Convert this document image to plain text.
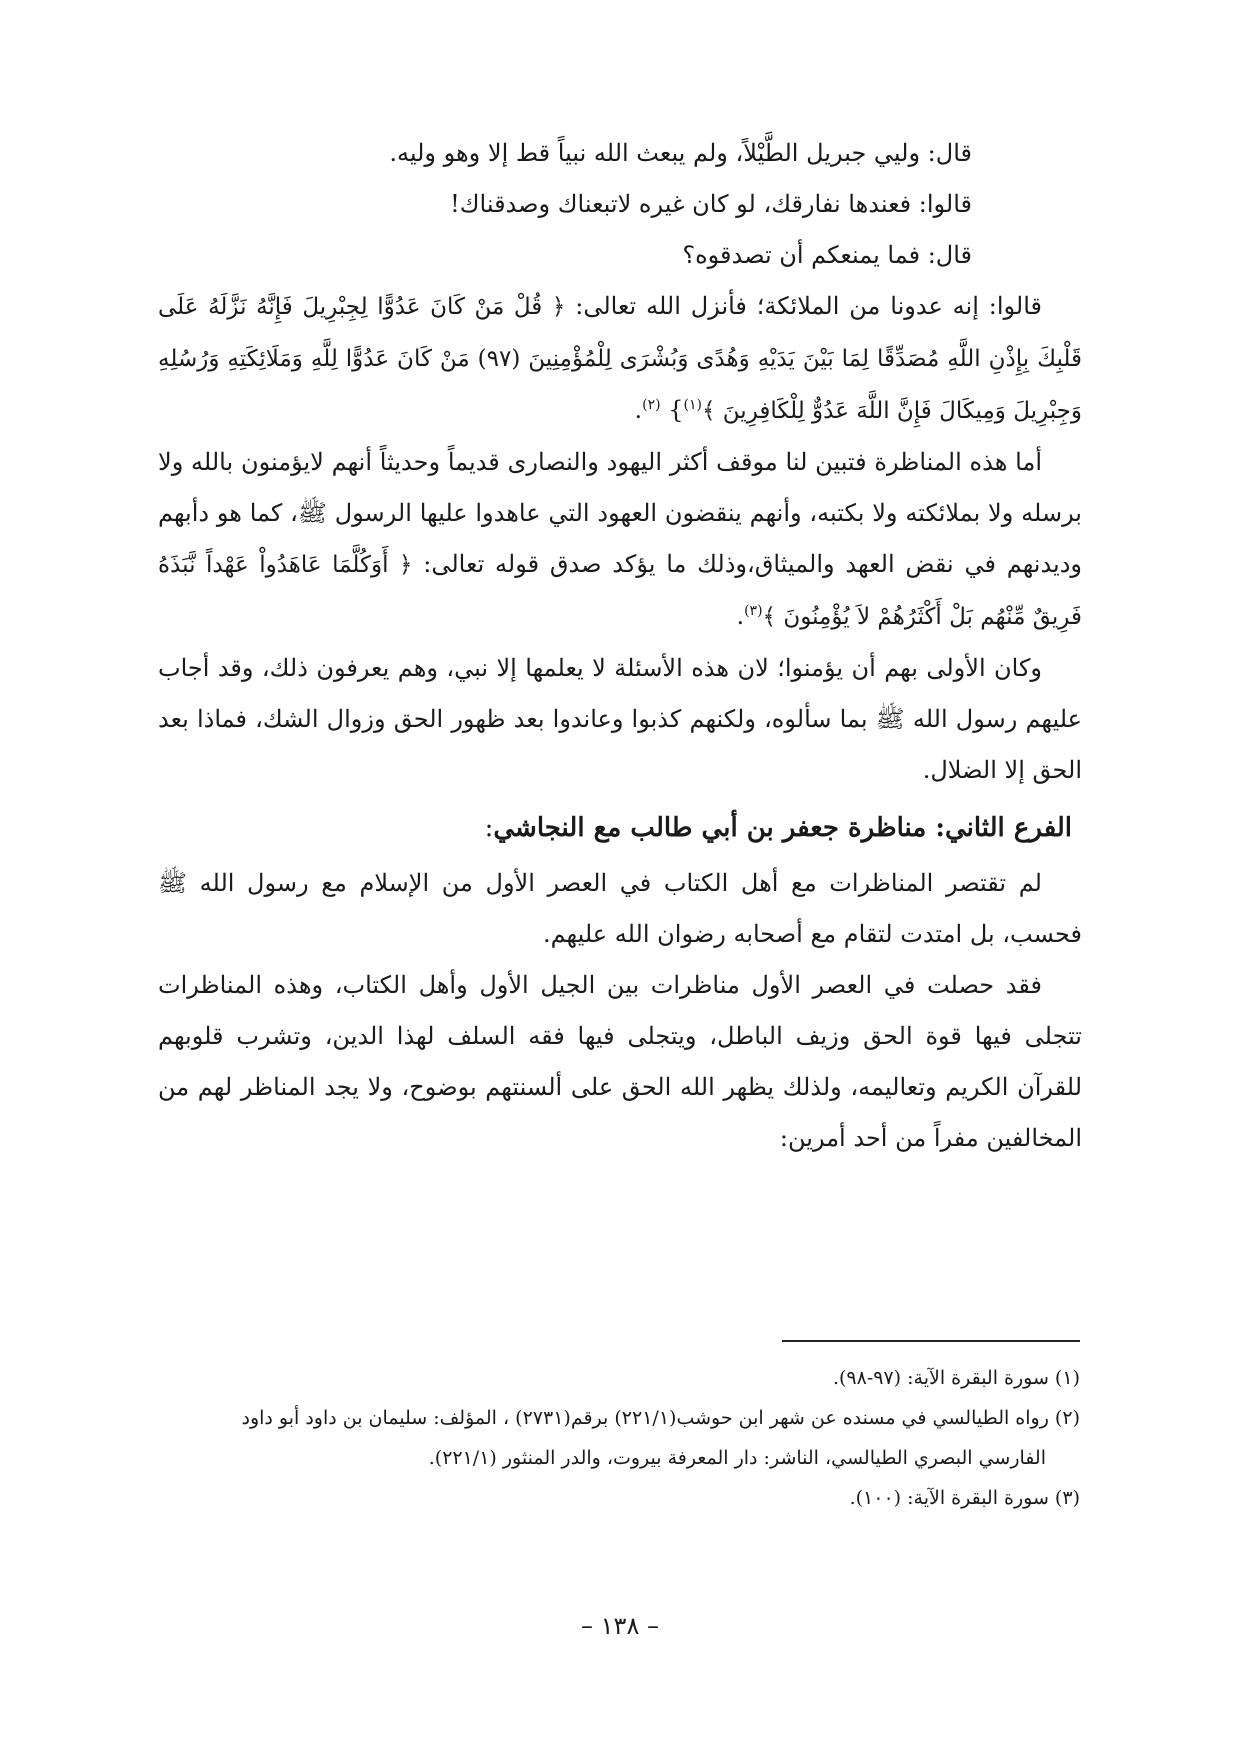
قال: وليي جبريل الطَّيْلاً، ولم يبعث الله نبياً قط إلا وهو وليه.

قالوا: فعندها نفارقك، لو كان غيره لاتبعناك وصدقناك!

قال: فما يمنعكم أن تصدقوه؟

قالوا: إنه عدونا من الملائكة؛ فأنزل الله تعالى: ﴿ قُلْ مَنْ كَانَ عَدُوًّا لِجِبْرِيلَ فَإِنَّهُ نَزَّلَهُ عَلَى قَلْبِكَ بِإِذْنِ اللَّهِ مُصَدِّقًا لِمَا بَيْنَ يَدَيْهِ وَهُدًى وَبُشْرَى لِلْمُؤْمِنِينَ (٩٧) مَنْ كَانَ عَدُوًّا لِلَّهِ وَمَلَائِكَتِهِ وَرُسُلِهِ وَجِبْرِيلَ وَمِيكَالَ فَإِنَّ اللَّهَ عَدُوٌّ لِلْكَافِرِينَ ﴾$^{(١)}$} $^{(٢)}$.

أما هذه المناظرة فتبين لنا موقف أكثر اليهود والنصارى قديماً وحديثاً أنهم لايؤمنون بالله ولا برسله ولا بملائكته ولا بكتبه، وأنهم ينقضون العهود التي عاهدوا عليها الرسول ﷺ، كما هو دأبهم وديدنهم في نقض العهد والميثاق،وذلك ما يؤكد صدق قوله تعالى: ﴿ أَوَكُلَّمَا عَاهَدُواْ عَهْداً نَّبَذَهُ فَرِيقٌ مِّنْهُم بَلْ أَكْثَرُهُمْ لاَ يُؤْمِنُونَ ﴾$^{(٣)}$.

وكان الأولى بهم أن يؤمنوا؛ لان هذه الأسئلة لا يعلمها إلا نبي، وهم يعرفون ذلك، وقد أجاب عليهم رسول الله ﷺ بما سألوه، ولكنهم كذبوا وعاندوا بعد ظهور الحق وزوال الشك، فماذا بعد الحق إلا الضلال.

الفرع الثاني: مناظرة جعفر بن أبي طالب مع النجاشي:

لم تقتصر المناظرات مع أهل الكتاب في العصر الأول من الإسلام مع رسول الله ﷺ فحسب، بل امتدت لتقام مع أصحابه رضوان الله عليهم.

فقد حصلت في العصر الأول مناظرات بين الجيل الأول وأهل الكتاب، وهذه المناظرات تتجلى فيها قوة الحق وزيف الباطل، ويتجلى فيها فقه السلف لهذا الدين، وتشرب قلوبهم للقرآن الكريم وتعاليمه، ولذلك يظهر الله الحق على ألسنتهم بوضوح، ولا يجد المناظر لهم من المخالفين مفراً من أحد أمرين:

(١) سورة البقرة الآية: (٩٧-٩٨).

(٢) رواه الطيالسي في مسنده عن شهر ابن حوشب(٢٢١/١) برقم(٢٧٣١) ، المؤلف: سليمان بن داود أبو داود

الفارسي البصري الطيالسي، الناشر: دار المعرفة بيروت، والدر المنثور (٢٢١/١).

(٣) سورة البقرة الآية: (١٠٠).

– ١٣٨ –
